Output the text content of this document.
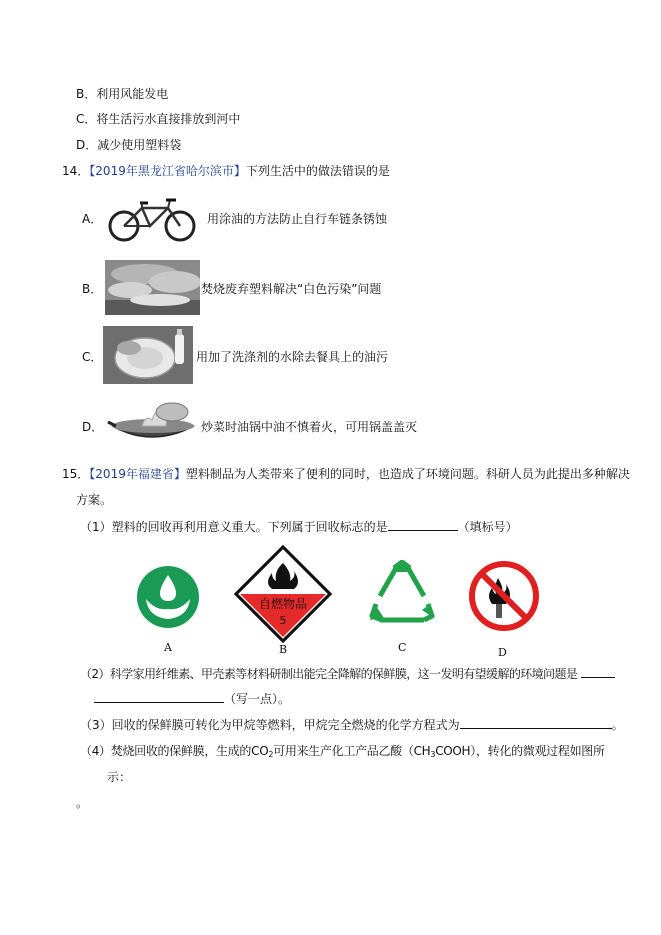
B．利用风能发电
C．将生活污水直接排放到河中
D．减少使用塑料袋
14．【2019年黑龙江省哈尔滨市】下列生活中的做法错误的是
A．	用涂油的方法防止自行车链条锈蚀
B．	焚烧废弃塑料解决“白色污染”问题
C．	用加了洗涤剂的水除去餐具上的油污
D．	炒菜时油锅中油不慎着火，可用锅盖盖灭
15．【2019年福建省】塑料制品为人类带来了便利的同时，也造成了环境问题。科研人员为此提出多种解决
方案。
（1）塑料的回收再利用意义重大。下列属于回收标志的是	（填标号）
A
自燃物品
5
B	C	D
（2）科学家用纤维素、甲壳素等材料研制出能完全降解的保鲜膜，这一发明有望缓解的环境问题是
（写一点）。
（3）回收的保鲜膜可转化为甲烷等燃料，甲烷完全燃烧的化学方程式为	。
（4）焚烧回收的保鲜膜，生成的$CO_2$可用来生产化工产品乙酸$(CH_3COOH)$，转化的微观过程如图所
示：
。
